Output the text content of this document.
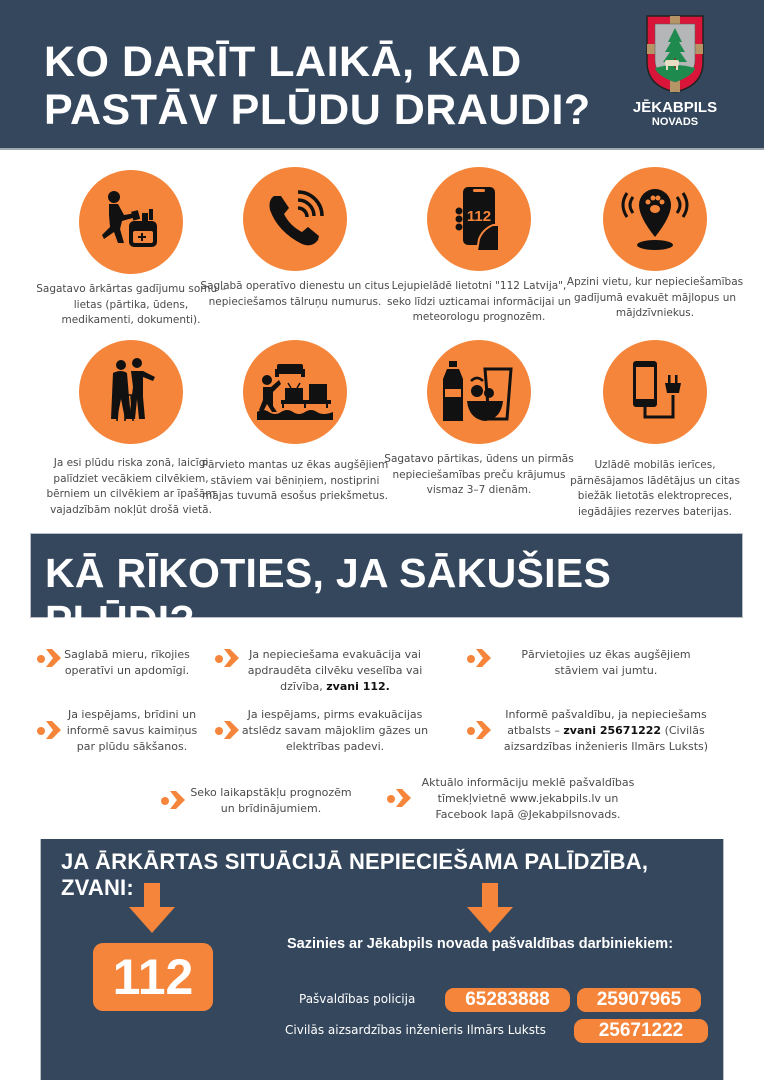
KO DARĪT LAIKĀ, KAD
PASTĀV PLŪDU DRAUDI?	JĒKABPILS
NOVADS
Sagatavo ārkārtas gadījumu somu – lietas (pārtika, ūdens, medikamenti, dokumenti).
Saglabā operatīvo dienestu un citus nepieciešamos tālruņu numurus.
112
Lejupielādē lietotni "112 Latvija", seko līdzi uzticamai informācijai un meteorologu prognozēm.
Apzini vietu, kur nepieciešamības gadījumā evakuēt mājlopus un mājdzīvniekus.
Ja esi plūdu riska zonā, laicīgi palīdziet vecākiem cilvēkiem, bērniem un cilvēkiem ar īpašām vajadzībām nokļūt drošā vietā.
Pārvieto mantas uz ēkas augšējiem stāviem vai bēniņiem, nostiprini mājas tuvumā esošus priekšmetus.
Sagatavo pārtikas, ūdens un pirmās nepieciešamības preču krājumus vismaz 3–7 dienām.
Uzlādē mobilās ierīces, pārnēsājamos lādētājus un citas biežāk lietotās elektropreces, iegādājies rezerves baterijas.
KĀ RĪKOTIES, JA SĀKUŠIES PLŪDI?
Saglabā mieru, rīkojies operatīvi un apdomīgi.
Ja nepieciešama evakuācija vai apdraudēta cilvēku veselība vai dzīvība, zvani 112.
Pārvietojies uz ēkas augšējiem stāviem vai jumtu.
Ja iespējams, brīdini un informē savus kaimiņus par plūdu sākšanos.
Ja iespējams, pirms evakuācijas atslēdz savam mājoklim gāzes un elektrības padevi.
Informē pašvaldību, ja nepieciešams atbalsts – zvani 25671222 (Civilās aizsardzības inženieris Ilmārs Luksts)
Seko laikapstākļu prognozēm un brīdinājumiem.
Aktuālo informāciju meklē pašvaldības tīmekļvietnē www.jekabpils.lv un Facebook lapā @Jekabpilsnovads.
JA ĀRKĀRTAS SITUĀCIJĀ NEPIECIEŠAMA PALĪDZĪBA, ZVANI:
112
Sazinies ar Jēkabpils novada pašvaldības darbiniekiem:
Pašvaldības policija	65283888	25907965
Civilās aizsardzības inženieris Ilmārs Luksts	25671222
